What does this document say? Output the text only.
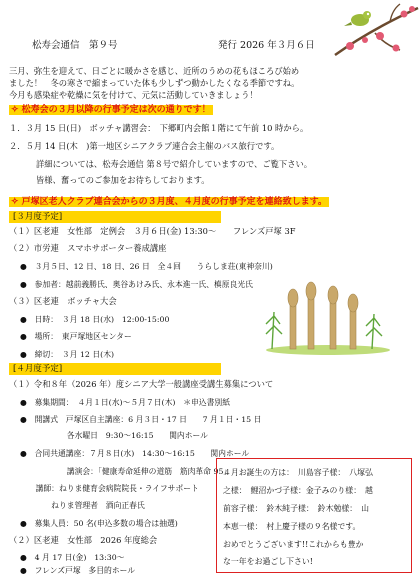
松寿会通信　第９号	発行 2026 年３月６日
三月、弥生を迎えて、日ごとに暖かさを感じ、近所のうめの花もほころび始め
ました！　冬の寒さで縮まっていた体も少しずつ動かしたくなる季節ですね。
今月も感染症や乾燥に気を付けて、元気に活動していきましょう！
✧ 松寿会の３月以降の行事予定は次の通りです！
１．３月 15 日(日)　ボッチャ講習会：　下郷町内会館１階にて午前 10 時から。
２．５月 14 日(木　)第一地区シニアクラブ連合会主催のバス旅行です。
詳細については、松寿会通信 第８号で紹介していますので、ご覧下さい。
皆様、奮ってのご参加をお待ちしております。
✧ 戸塚区老人クラブ連合会からの３月度、４月度の行事予定を連絡致します。
[３月度予定]
（１）区老連　女性部　定例会　３月６日(金) 13:30～　　フレンズ戸塚 3F
（２）市労連　スマホサポーター養成講座
●　３月５日、12 日、18 日、26 日　全４回　　うらしま荘(東神奈川)
●　参加者：越前義勝氏、奥谷あけみ氏、永本進一氏、槙原良光氏
（３）区老連　ボッチャ大会
●　日時：　３月 18 日(水)　12:00-15:00
●　場所：　東戸塚地区センター
●　締切：　３月 12 日(木)
[４月度予定]
（１）令和８年（2026 年）度シニア大学一般講座受講生募集について
●　募集期間：　４月１日(水)～５月７日(木)　＊申込書別紙
●　開講式　戸塚区自主講座：6 月３日・17 日　　7 月１日・15 日
　　　　　　各水曜日　9:30～16:15　　関内ホール
●　合同共通講座：７月８日(水)　14:30～16:15　　関内ホール
　　　　　　講演会：「健康寿命延伸の道筋　筋肉革命 95」
　　講師：ねりま健育会病院院長・ライフサポート
　　　　ねりま管理者　酒向正春氏
●　募集人員：50 名(申込多数の場合は抽選)
（２）区老連　女性部　2026 年度総会
●　4 月 17 日(金)　13:30～
●　フレンズ戸塚　多目的ホール
４月お誕生の方は：　川島容子様：　八塚弘
之様：　鯉沼かづ子様：金子みのり様：　越
前容子様：　鈴木純子様：　鈴木勉様：　山
本恵一様：　村上慶子様の９名様です。
おめでとうございます!!これからも豊か
な一年をお過ごし下さい!
